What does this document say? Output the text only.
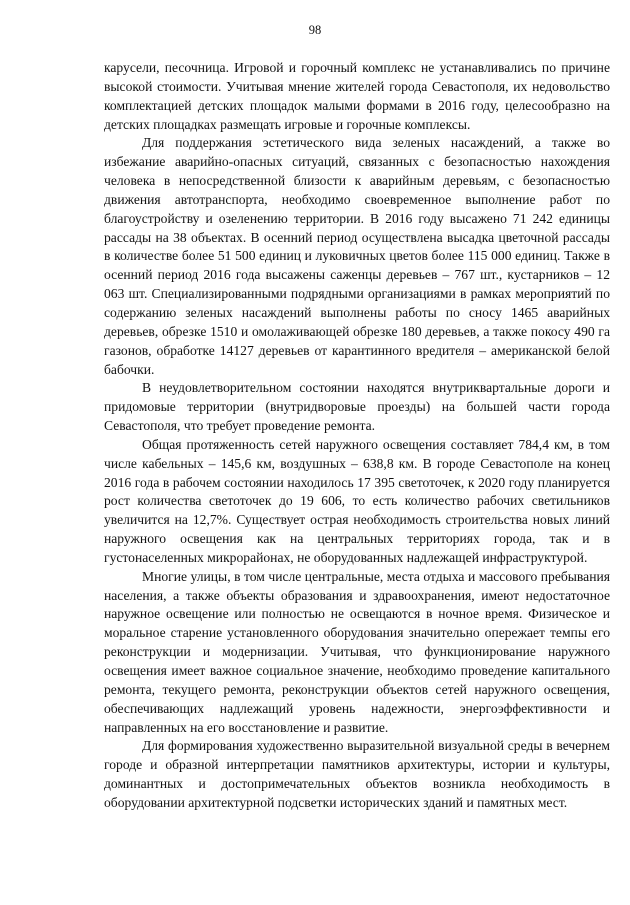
98

карусели, песочница. Игровой и горочный комплекс не устанавливались по причине высокой стоимости. Учитывая мнение жителей города Севастополя, их недовольство комплектацией детских площадок малыми формами в 2016 году, целесообразно на детских площадках размещать игровые и горочные комплексы.

Для поддержания эстетического вида зеленых насаждений, а также во избежание аварийно-опасных ситуаций, связанных с безопасностью нахождения человека в непосредственной близости к аварийным деревьям, с безопасностью движения автотранспорта, необходимо своевременное выполнение работ по благоустройству и озеленению территории. В 2016 году высажено 71 242 единицы рассады на 38 объектах. В осенний период осуществлена высадка цветочной рассады в количестве более 51 500 единиц и луковичных цветов более 115 000 единиц. Также в осенний период 2016 года высажены саженцы деревьев – 767 шт., кустарников – 12 063 шт. Специализированными подрядными организациями в рамках мероприятий по содержанию зеленых насаждений выполнены работы по сносу 1465 аварийных деревьев, обрезке 1510 и омолаживающей обрезке 180 деревьев, а также покосу 490 га газонов, обработке 14127 деревьев от карантинного вредителя – американской белой бабочки.

В неудовлетворительном состоянии находятся внутриквартальные дороги и придомовые территории (внутридворовые проезды) на большей части города Севастополя, что требует проведение ремонта.

Общая протяженность сетей наружного освещения составляет 784,4 км, в том числе кабельных – 145,6 км, воздушных – 638,8 км. В городе Севастополе на конец 2016 года в рабочем состоянии находилось 17 395 светоточек, к 2020 году планируется рост количества светоточек до 19 606, то есть количество рабочих светильников увеличится на 12,7%. Существует острая необходимость строительства новых линий наружного освещения как на центральных территориях города, так и в густонаселенных микрорайонах, не оборудованных надлежащей инфраструктурой.

Многие улицы, в том числе центральные, места отдыха и массового пребывания населения, а также объекты образования и здравоохранения, имеют недостаточное наружное освещение или полностью не освещаются в ночное время. Физическое и моральное старение установленного оборудования значительно опережает темпы его реконструкции и модернизации. Учитывая, что функционирование наружного освещения имеет важное социальное значение, необходимо проведение капитального ремонта, текущего ремонта, реконструкции объектов сетей наружного освещения, обеспечивающих надлежащий уровень надежности, энергоэффективности и направленных на его восстановление и развитие.

Для формирования художественно выразительной визуальной среды в вечернем городе и образной интерпретации памятников архитектуры, истории и культуры, доминантных и достопримечательных объектов возникла необходимость в оборудовании архитектурной подсветки исторических зданий и памятных мест.
